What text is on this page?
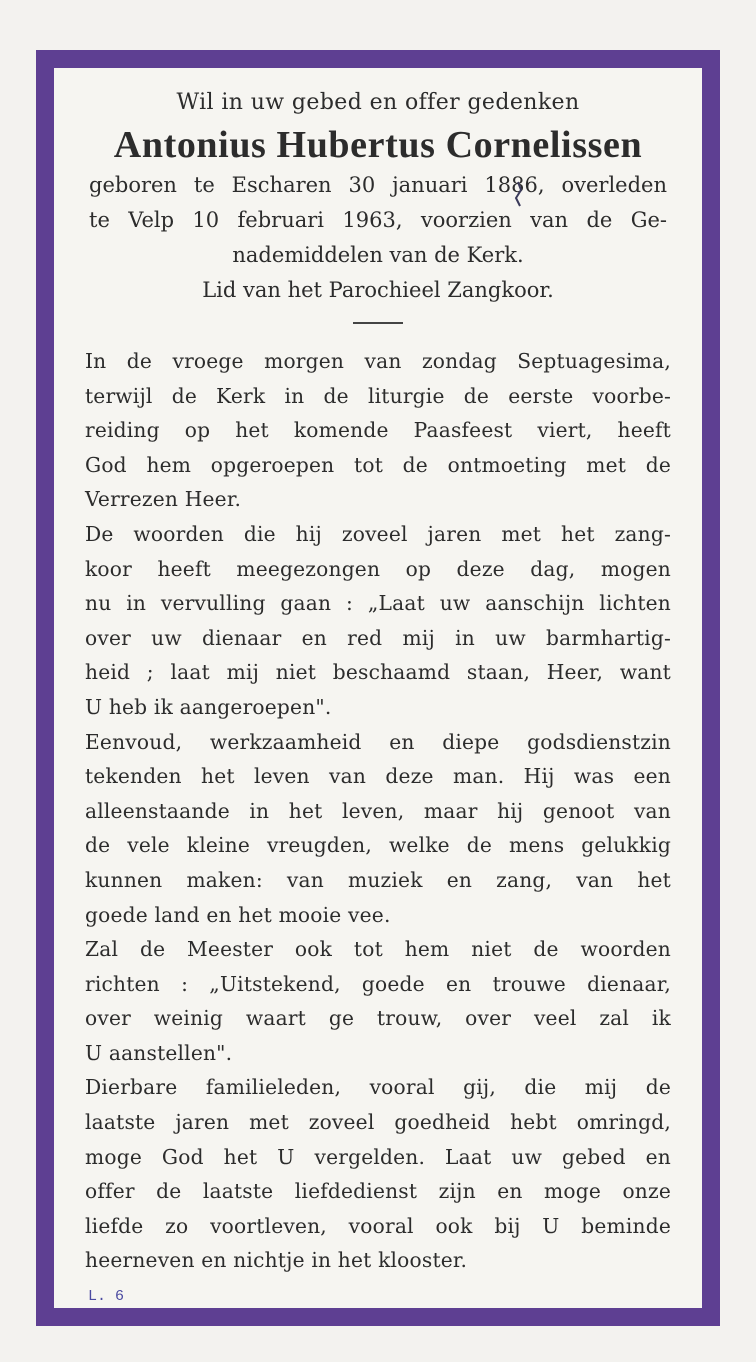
Wil in uw gebed en offer gedenken
Antonius Hubertus Cornelissen
geboren te Escharen 30 januari 1886, overleden
te Velp 10 februari 1963, voorzien van de Ge-
nademiddelen van de Kerk.
Lid van het Parochieel Zangkoor.
In de vroege morgen van zondag Septuagesima,
terwijl de Kerk in de liturgie de eerste voorbe-
reiding op het komende Paasfeest viert, heeft
God hem opgeroepen tot de ontmoeting met de
Verrezen Heer.
De woorden die hij zoveel jaren met het zang-
koor heeft meegezongen op deze dag, mogen
nu in vervulling gaan : „Laat uw aanschijn lichten
over uw dienaar en red mij in uw barmhartig-
heid ; laat mij niet beschaamd staan, Heer, want
U heb ik aangeroepen".
Eenvoud, werkzaamheid en diepe godsdienstzin
tekenden het leven van deze man. Hij was een
alleenstaande in het leven, maar hij genoot van
de vele kleine vreugden, welke de mens gelukkig
kunnen maken: van muziek en zang, van het
goede land en het mooie vee.
Zal de Meester ook tot hem niet de woorden
richten : „Uitstekend, goede en trouwe dienaar,
over weinig waart ge trouw, over veel zal ik
U aanstellen".
Dierbare familieleden, vooral gij, die mij de
laatste jaren met zoveel goedheid hebt omringd,
moge God het U vergelden. Laat uw gebed en
offer de laatste liefdedienst zijn en moge onze
liefde zo voortleven, vooral ook bij U beminde
heerneven en nichtje in het klooster.
L. 6
